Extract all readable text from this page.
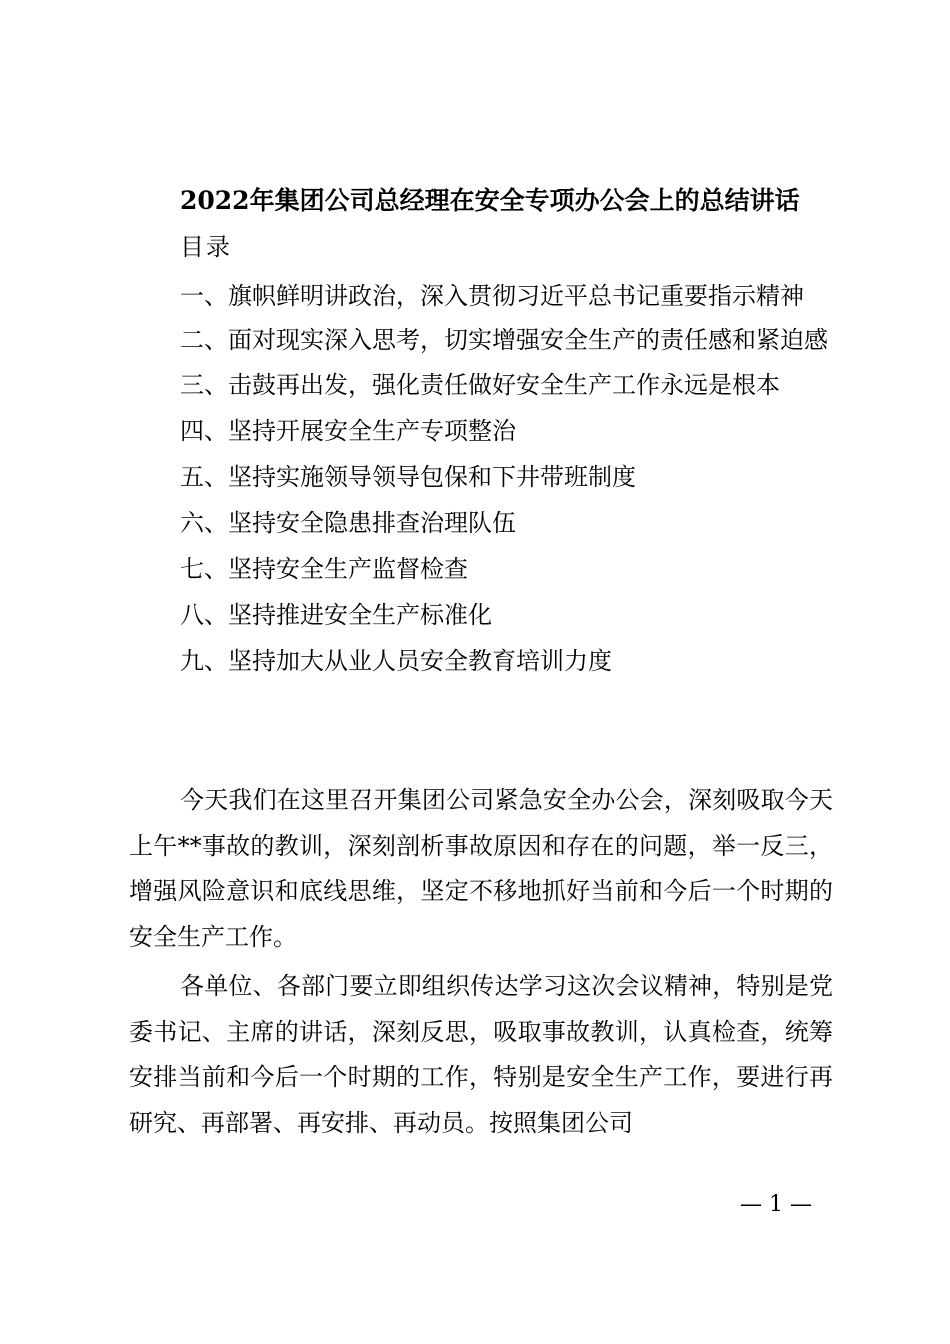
2022年集团公司总经理在安全专项办公会上的总结讲话
目录

一、旗帜鲜明讲政治，深入贯彻习近平总书记重要指示精神

二、面对现实深入思考，切实增强安全生产的责任感和紧迫感

三、击鼓再出发，强化责任做好安全生产工作永远是根本

四、坚持开展安全生产专项整治

五、坚持实施领导领导包保和下井带班制度

六、坚持安全隐患排查治理队伍

七、坚持安全生产监督检查

八、坚持推进安全生产标准化

九、坚持加大从业人员安全教育培训力度

今天我们在这里召开集团公司紧急安全办公会，深刻吸取今天上午**事故的教训，深刻剖析事故原因和存在的问题，举一反三，增强风险意识和底线思维，坚定不移地抓好当前和今后一个时期的安全生产工作。

各单位、各部门要立即组织传达学习这次会议精神，特别是党委书记、主席的讲话，深刻反思，吸取事故教训，认真检查，统筹安排当前和今后一个时期的工作，特别是安全生产工作，要进行再研究、再部署、再安排、再动员。按照集团公司

— 1 —
